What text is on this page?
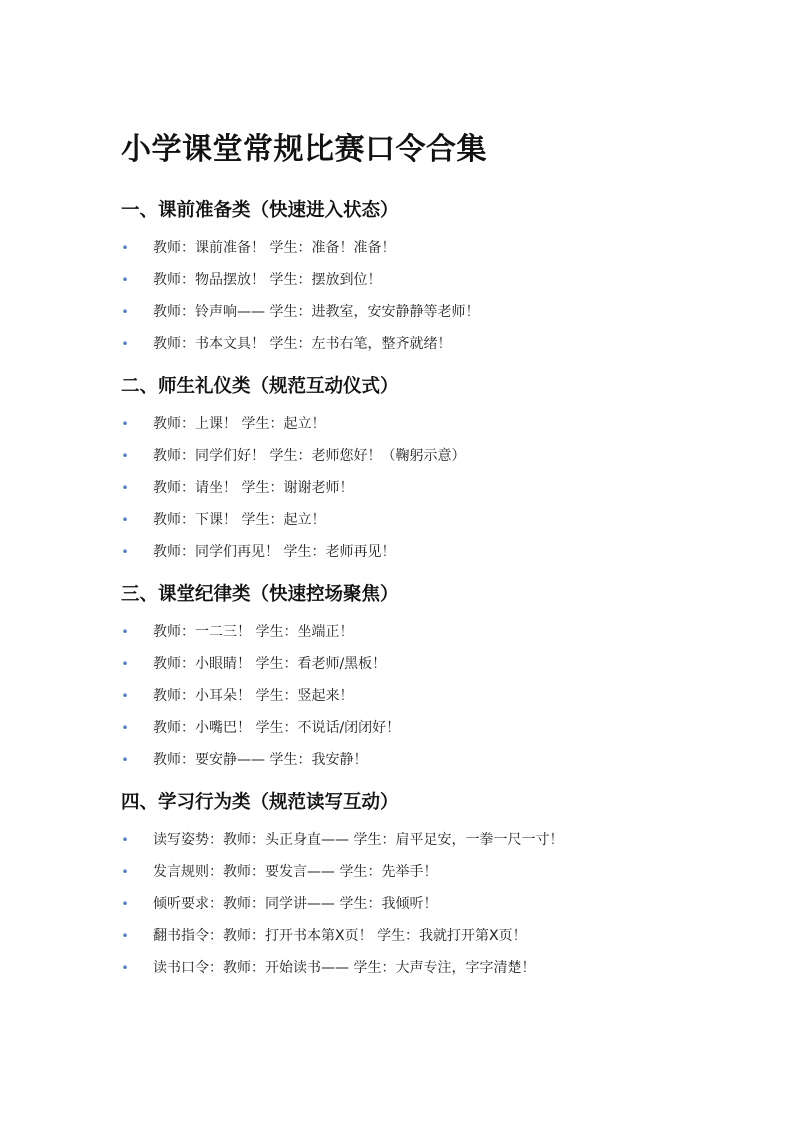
小学课堂常规比赛口令合集
一、课前准备类（快速进入状态）
• 教师：课前准备！ 学生：准备！准备！
• 教师：物品摆放！ 学生：摆放到位！
• 教师：铃声响—— 学生：进教室，安安静静等老师！
• 教师：书本文具！ 学生：左书右笔，整齐就绪！
二、师生礼仪类（规范互动仪式）
• 教师：上课！ 学生：起立！
• 教师：同学们好！ 学生：老师您好！（鞠躬示意）
• 教师：请坐！ 学生：谢谢老师！
• 教师：下课！ 学生：起立！
• 教师：同学们再见！ 学生：老师再见！
三、课堂纪律类（快速控场聚焦）
• 教师：一二三！ 学生：坐端正！
• 教师：小眼睛！ 学生：看老师/黑板！
• 教师：小耳朵！ 学生：竖起来！
• 教师：小嘴巴！ 学生：不说话/闭闭好！
• 教师：要安静—— 学生：我安静！
四、学习行为类（规范读写互动）
• 读写姿势：教师：头正身直—— 学生：肩平足安，一拳一尺一寸！
• 发言规则：教师：要发言—— 学生：先举手！
• 倾听要求：教师：同学讲—— 学生：我倾听！
• 翻书指令：教师：打开书本第X页！ 学生：我就打开第X页！
• 读书口令：教师：开始读书—— 学生：大声专注，字字清楚！
